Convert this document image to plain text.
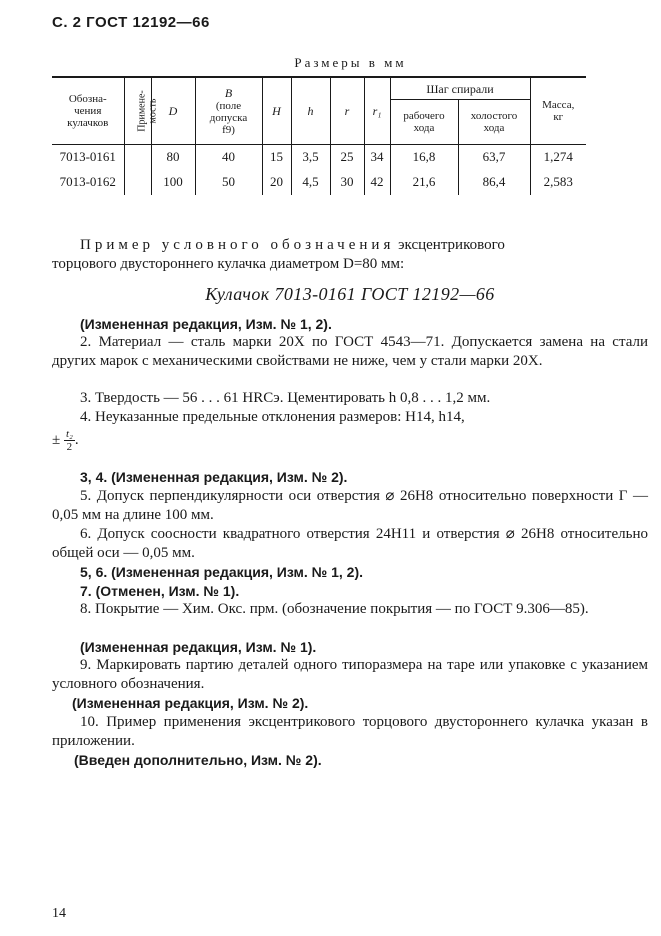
С. 2 ГОСТ 12192—66
Размеры в мм
Обозна-
чения
кулачков	Примене-
мость	D	B
(поле
допуска
f9)	H	h	r	r₁	Шаг спирали		Масса,
кг
								рабочего
хода	холостого
хода	
7013-0161		80	40	15	3,5	25	34	16,8	63,7	1,274
7013-0162		100	50	20	4,5	30	42	21,6	86,4	2,583

Пример условного обозначения эксцентрикового

торцового двустороннего кулачка диаметром D=80 мм:

Кулачок 7013-0161 ГОСТ 12192—66

(Измененная редакция, Изм. № 1, 2).

2. Материал — сталь марки 20Х по ГОСТ 4543—71. Допускается замена на стали других марок с механическими свойствами не ниже, чем у стали марки 20Х.

3. Твердость — 56 . . . 61 HRCэ. Цементировать h 0,8 . . . 1,2 мм.

4. Неуказанные предельные отклонения размеров: H14, h14,

± $\frac{\text{t₂}}{2}$ .

3, 4. (Измененная редакция, Изм. № 2).

5. Допуск перпендикулярности оси отверстия ⌀ 26H8 относительно поверхности Г — 0,05 мм на длине 100 мм.

6. Допуск соосности квадратного отверстия 24H11 и отверстия ⌀ 26H8 относительно общей оси — 0,05 мм.

5, 6. (Измененная редакция, Изм. № 1, 2).

7. (Отменен, Изм. № 1).

8. Покрытие — Хим. Окс. прм. (обозначение покрытия — по ГОСТ 9.306—85).

(Измененная редакция, Изм. № 1).

9. Маркировать партию деталей одного типоразмера на таре или упаковке с указанием условного обозначения.

(Измененная редакция, Изм. № 2).

10. Пример применения эксцентрикового торцового двустороннего кулачка указан в приложении.

(Введен дополнительно, Изм. № 2).

14
